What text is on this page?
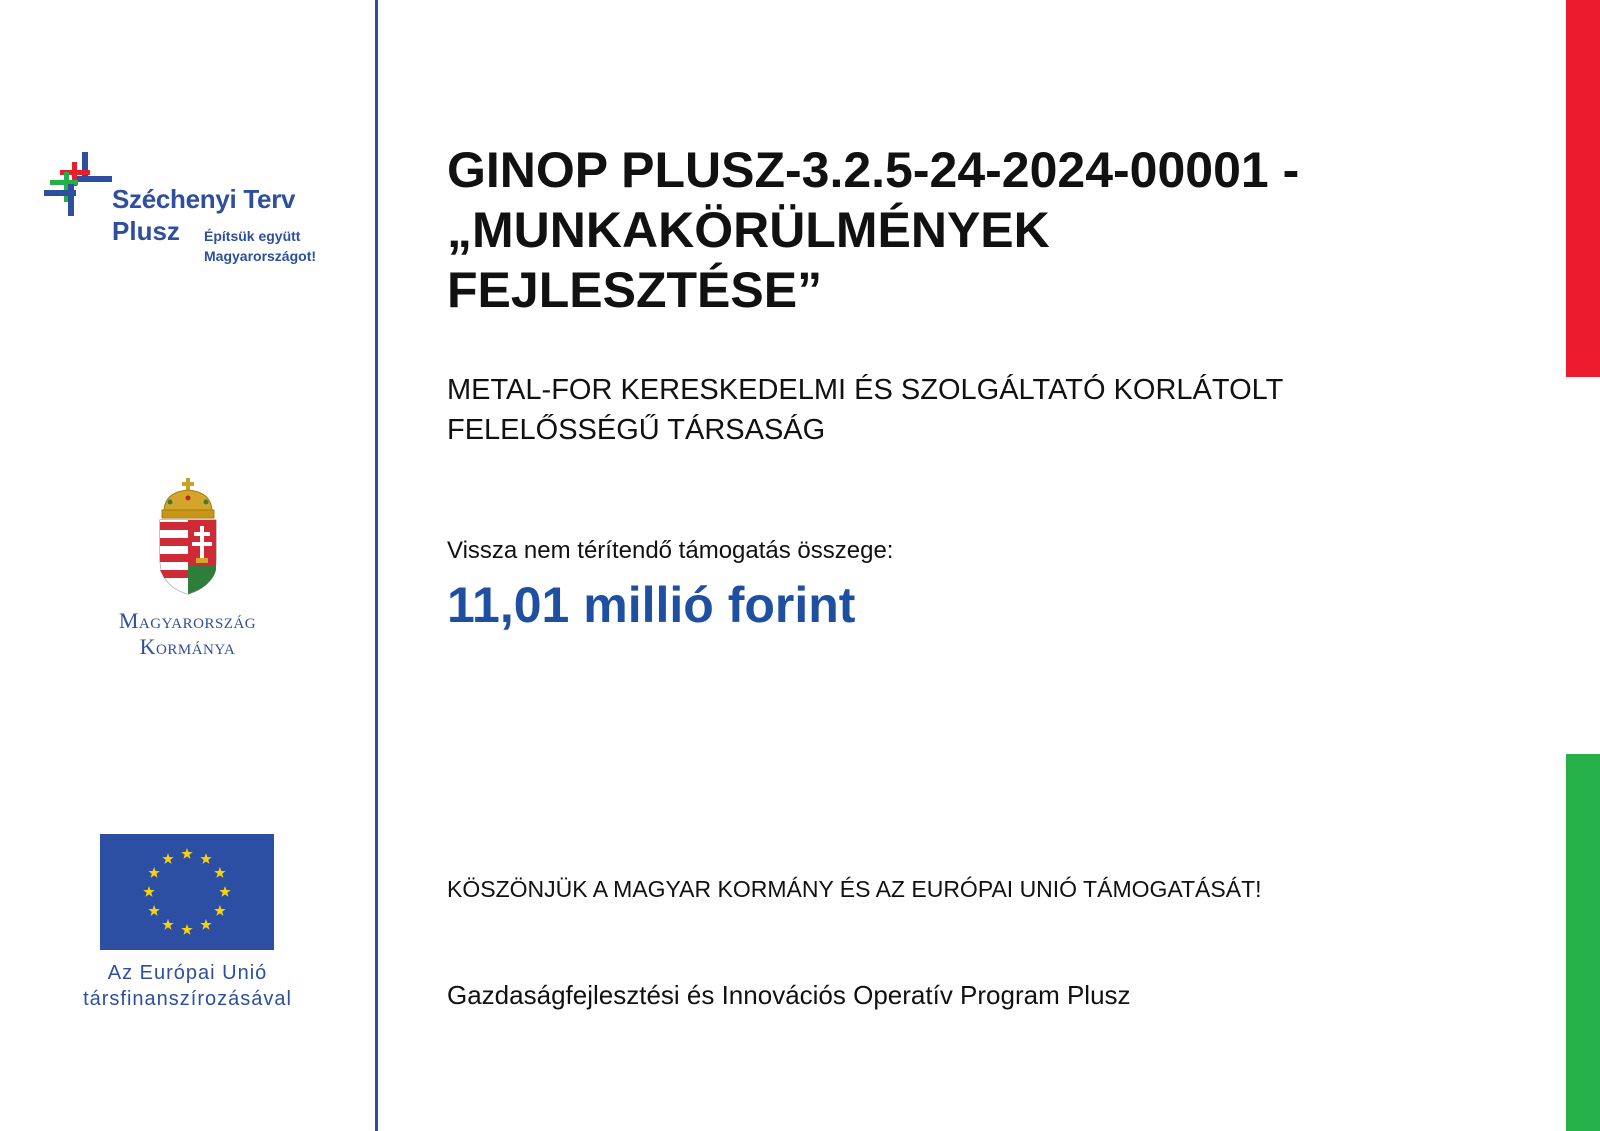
Széchenyi Terv
Plusz Építsük együtt
Magyarországot!
Magyarország
Kormánya
Az Európai Unió
társfinanszírozásával
GINOP PLUSZ-3.2.5-24-2024-00001 -
„MUNKAKÖRÜLMÉNYEK
FEJLESZTÉSE”
METAL-FOR KERESKEDELMI ÉS SZOLGÁLTATÓ KORLÁTOLT
FELELŐSSÉGŰ TÁRSASÁG
Vissza nem térítendő támogatás összege:
11,01 millió forint
KÖSZÖNJÜK A MAGYAR KORMÁNY ÉS AZ EURÓPAI UNIÓ TÁMOGATÁSÁT!
Gazdaságfejlesztési és Innovációs Operatív Program Plusz
